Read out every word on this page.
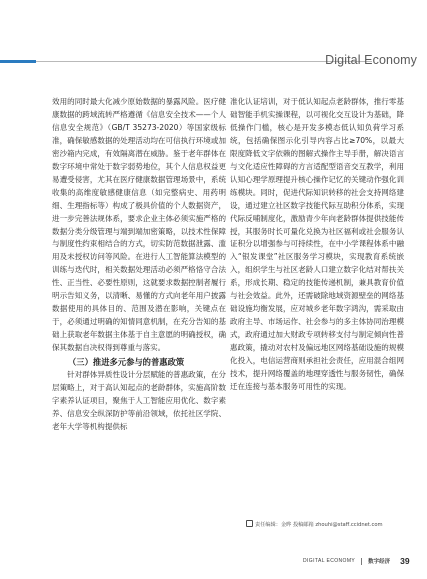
Digital Economy

效用的同时最大化减少原始数据的暴露风险。医疗健康数据的跨域流转严格遵循《信息安全技术——个人信息安全规范》（GB/T 35273-2020）等国家级标准，确保敏感数据的处理活动均在可信执行环境或加密沙箱内完成，有效隔离潜在威胁。鉴于老年群体在数字环境中常处于数字弱势地位，其个人信息权益更易遭受侵害，尤其在医疗健康数据管理场景中，系统收集的高维度敏感健康信息（如完整病史、用药明细、生理指标等）构成了极具价值的个人数据资产，进一步完善法规体系，要求企业主体必须实施严格的数据分类分级管理与端到端加密策略，以技术性保障与制度性约束相结合的方式，切实防范数据泄露、滥用及未授权访问等风险。在进行人工智能算法模型的训练与迭代时，相关数据处理活动必须严格恪守合法性、正当性、必要性原则，这就要求数据控制者履行明示告知义务，以清晰、易懂的方式向老年用户披露数据使用的具体目的、范围及潜在影响，关键点在于，必须通过明确的知情同意机制，在充分告知的基础上获取老年数据主体基于自主意愿的明确授权，确保其数据自决权得到尊重与落实。

（三）推进多元参与的普惠政策

针对群体异质性设计分层赋能的普惠政策，在分层策略上，对于高认知起点的老龄群体，实施高阶数字素养认证项目，聚焦于人工智能应用优化、数字素养、信息安全纵深防护等前沿领域，依托社区学院、老年大学等机构提供标

准化认证培训，对于低认知起点老龄群体，推行零基础智能手机实操课程，以可视化交互设计为基础，降低操作门槛，核心是开发多模态低认知负荷学习系统，包括确保图示化引导内容占比≥70%，以最大限度降低文字依赖的图解式操作主导手册，解决语言与文化适应性障碍的方言适配型语音交互教学，利用认知心理学原理提升核心操作记忆的关键动作强化训练模块。同时，促进代际知识转移的社会支持网络建设，通过建立社区数字技能代际互助积分体系，实现代际反哺制度化，激励青少年向老龄群体提供技能传授，其服务时长可量化兑换为社区福利或社会服务认证积分以增强参与可持续性，在中小学课程体系中融入“银发课堂”社区服务学习模块，实现教育系统嵌入，组织学生与社区老龄人口建立数字化结对帮扶关系，形成长期、稳定的技能传递机制，兼具教育价值与社会效益。此外，还需破除地域资源壁垒的网络基础设施均衡发展，应对城乡老年数字鸿沟，需采取由政府主导、市场运作、社会参与的多主体协同治理模式，政府通过加大财政专项转移支付与制定倾向性普惠政策，撬动对农村及偏远地区网络基础设施的规模化投入，电信运营商则承担社会责任，应用混合组网技术，提升网络覆盖的地理穿透性与服务韧性，确保迁在连接与基本服务可用性的实现。

责任编辑：金晔 投稿邮箱 zhouhi@staff.ccidnet.com
DIGITAL ECONOMY 数字经济 39
